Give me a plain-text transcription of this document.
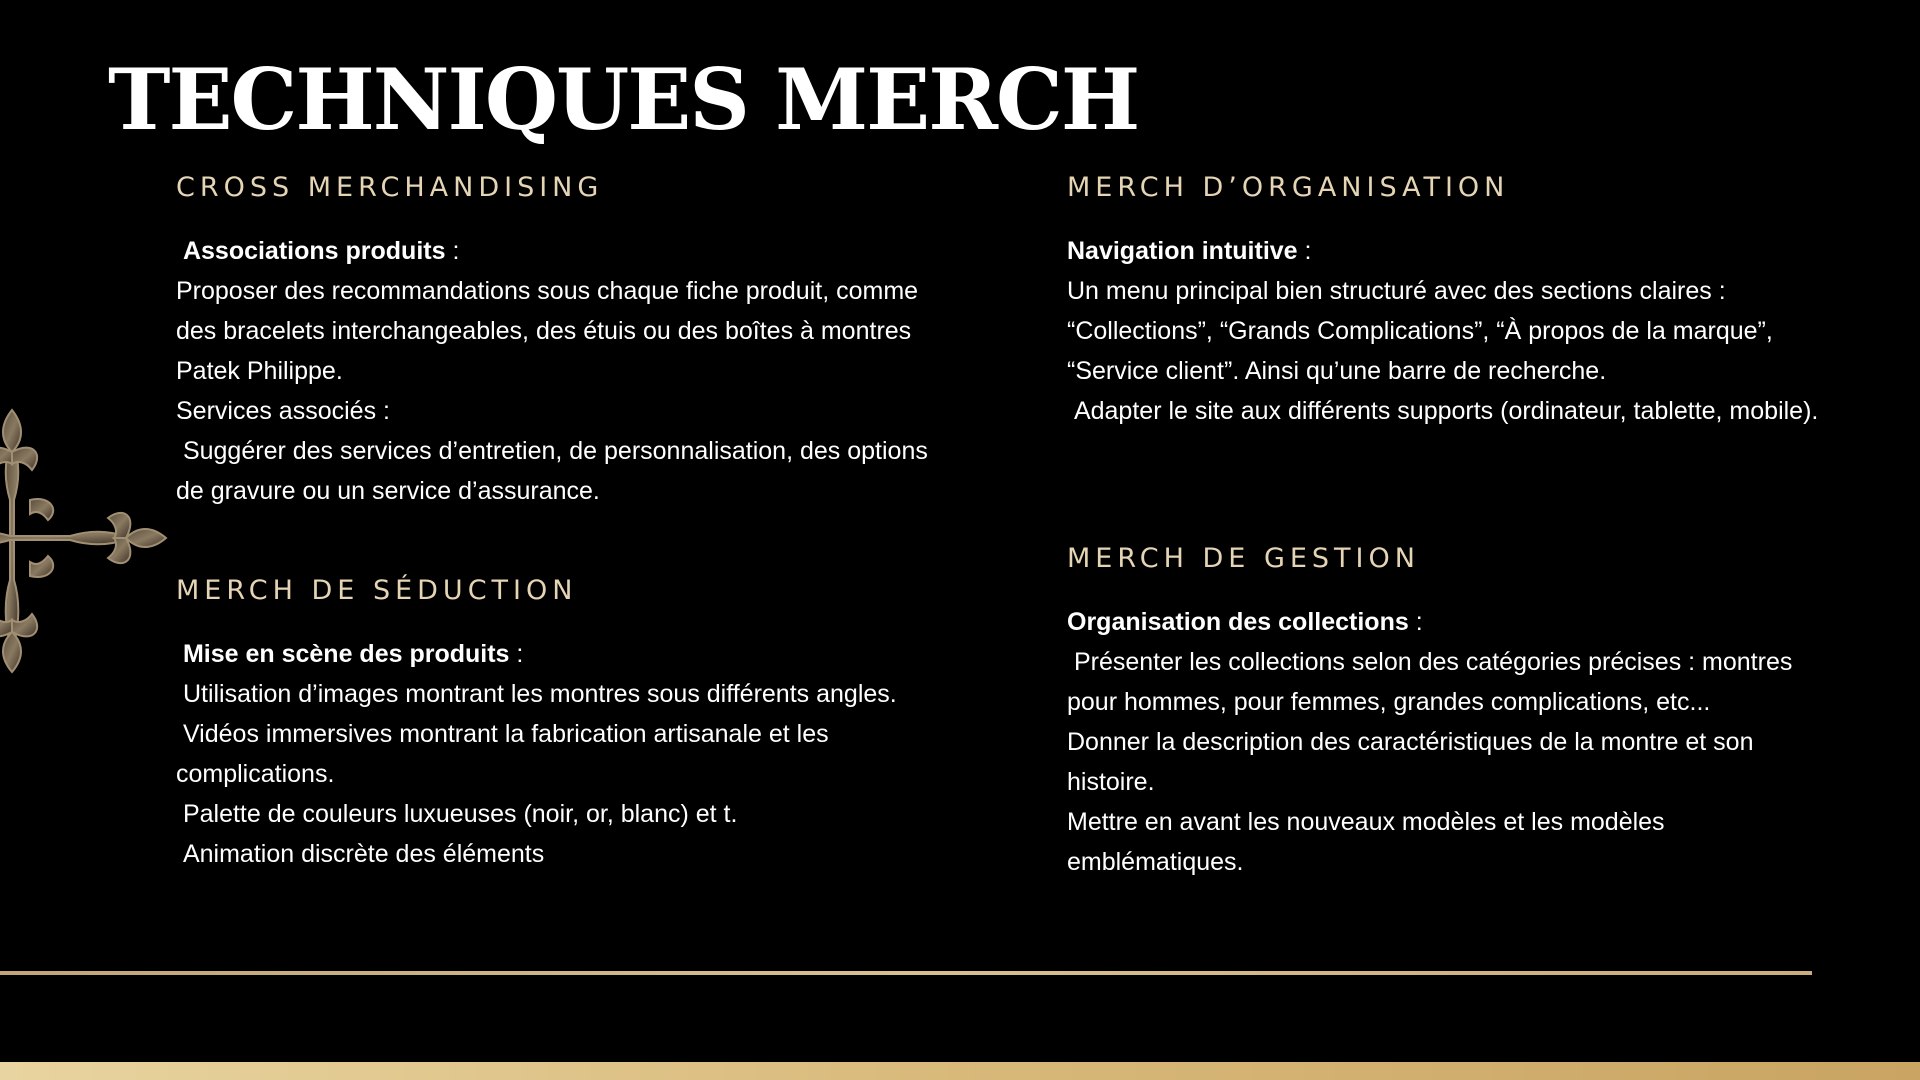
TECHNIQUES MERCH
CROSS MERCHANDISING

Associations produits :

Proposer des recommandations sous chaque fiche produit, comme des bracelets interchangeables, des étuis ou des boîtes à montres Patek Philippe.

Services associés :

Suggérer des services d’entretien, de personnalisation, des options de gravure ou un service d’assurance.

MERCH DE SÉDUCTION

Mise en scène des produits :

Utilisation d’images montrant les montres sous différents angles.

Vidéos immersives montrant la fabrication artisanale et les complications.

Palette de couleurs luxueuses (noir, or, blanc) et t.

Animation discrète des éléments

MERCH D’ORGANISATION

Navigation intuitive :

Un menu principal bien structuré avec des sections claires : “Collections”, “Grands Complications”, “À propos de la marque”, “Service client”. Ainsi qu’une barre de recherche.

Adapter le site aux différents supports (ordinateur, tablette, mobile).

MERCH DE GESTION

Organisation des collections :

Présenter les collections selon des catégories précises : montres pour hommes, pour femmes, grandes complications, etc...

Donner la description des caractéristiques de la montre et son histoire.

Mettre en avant les nouveaux modèles et les modèles emblématiques.
